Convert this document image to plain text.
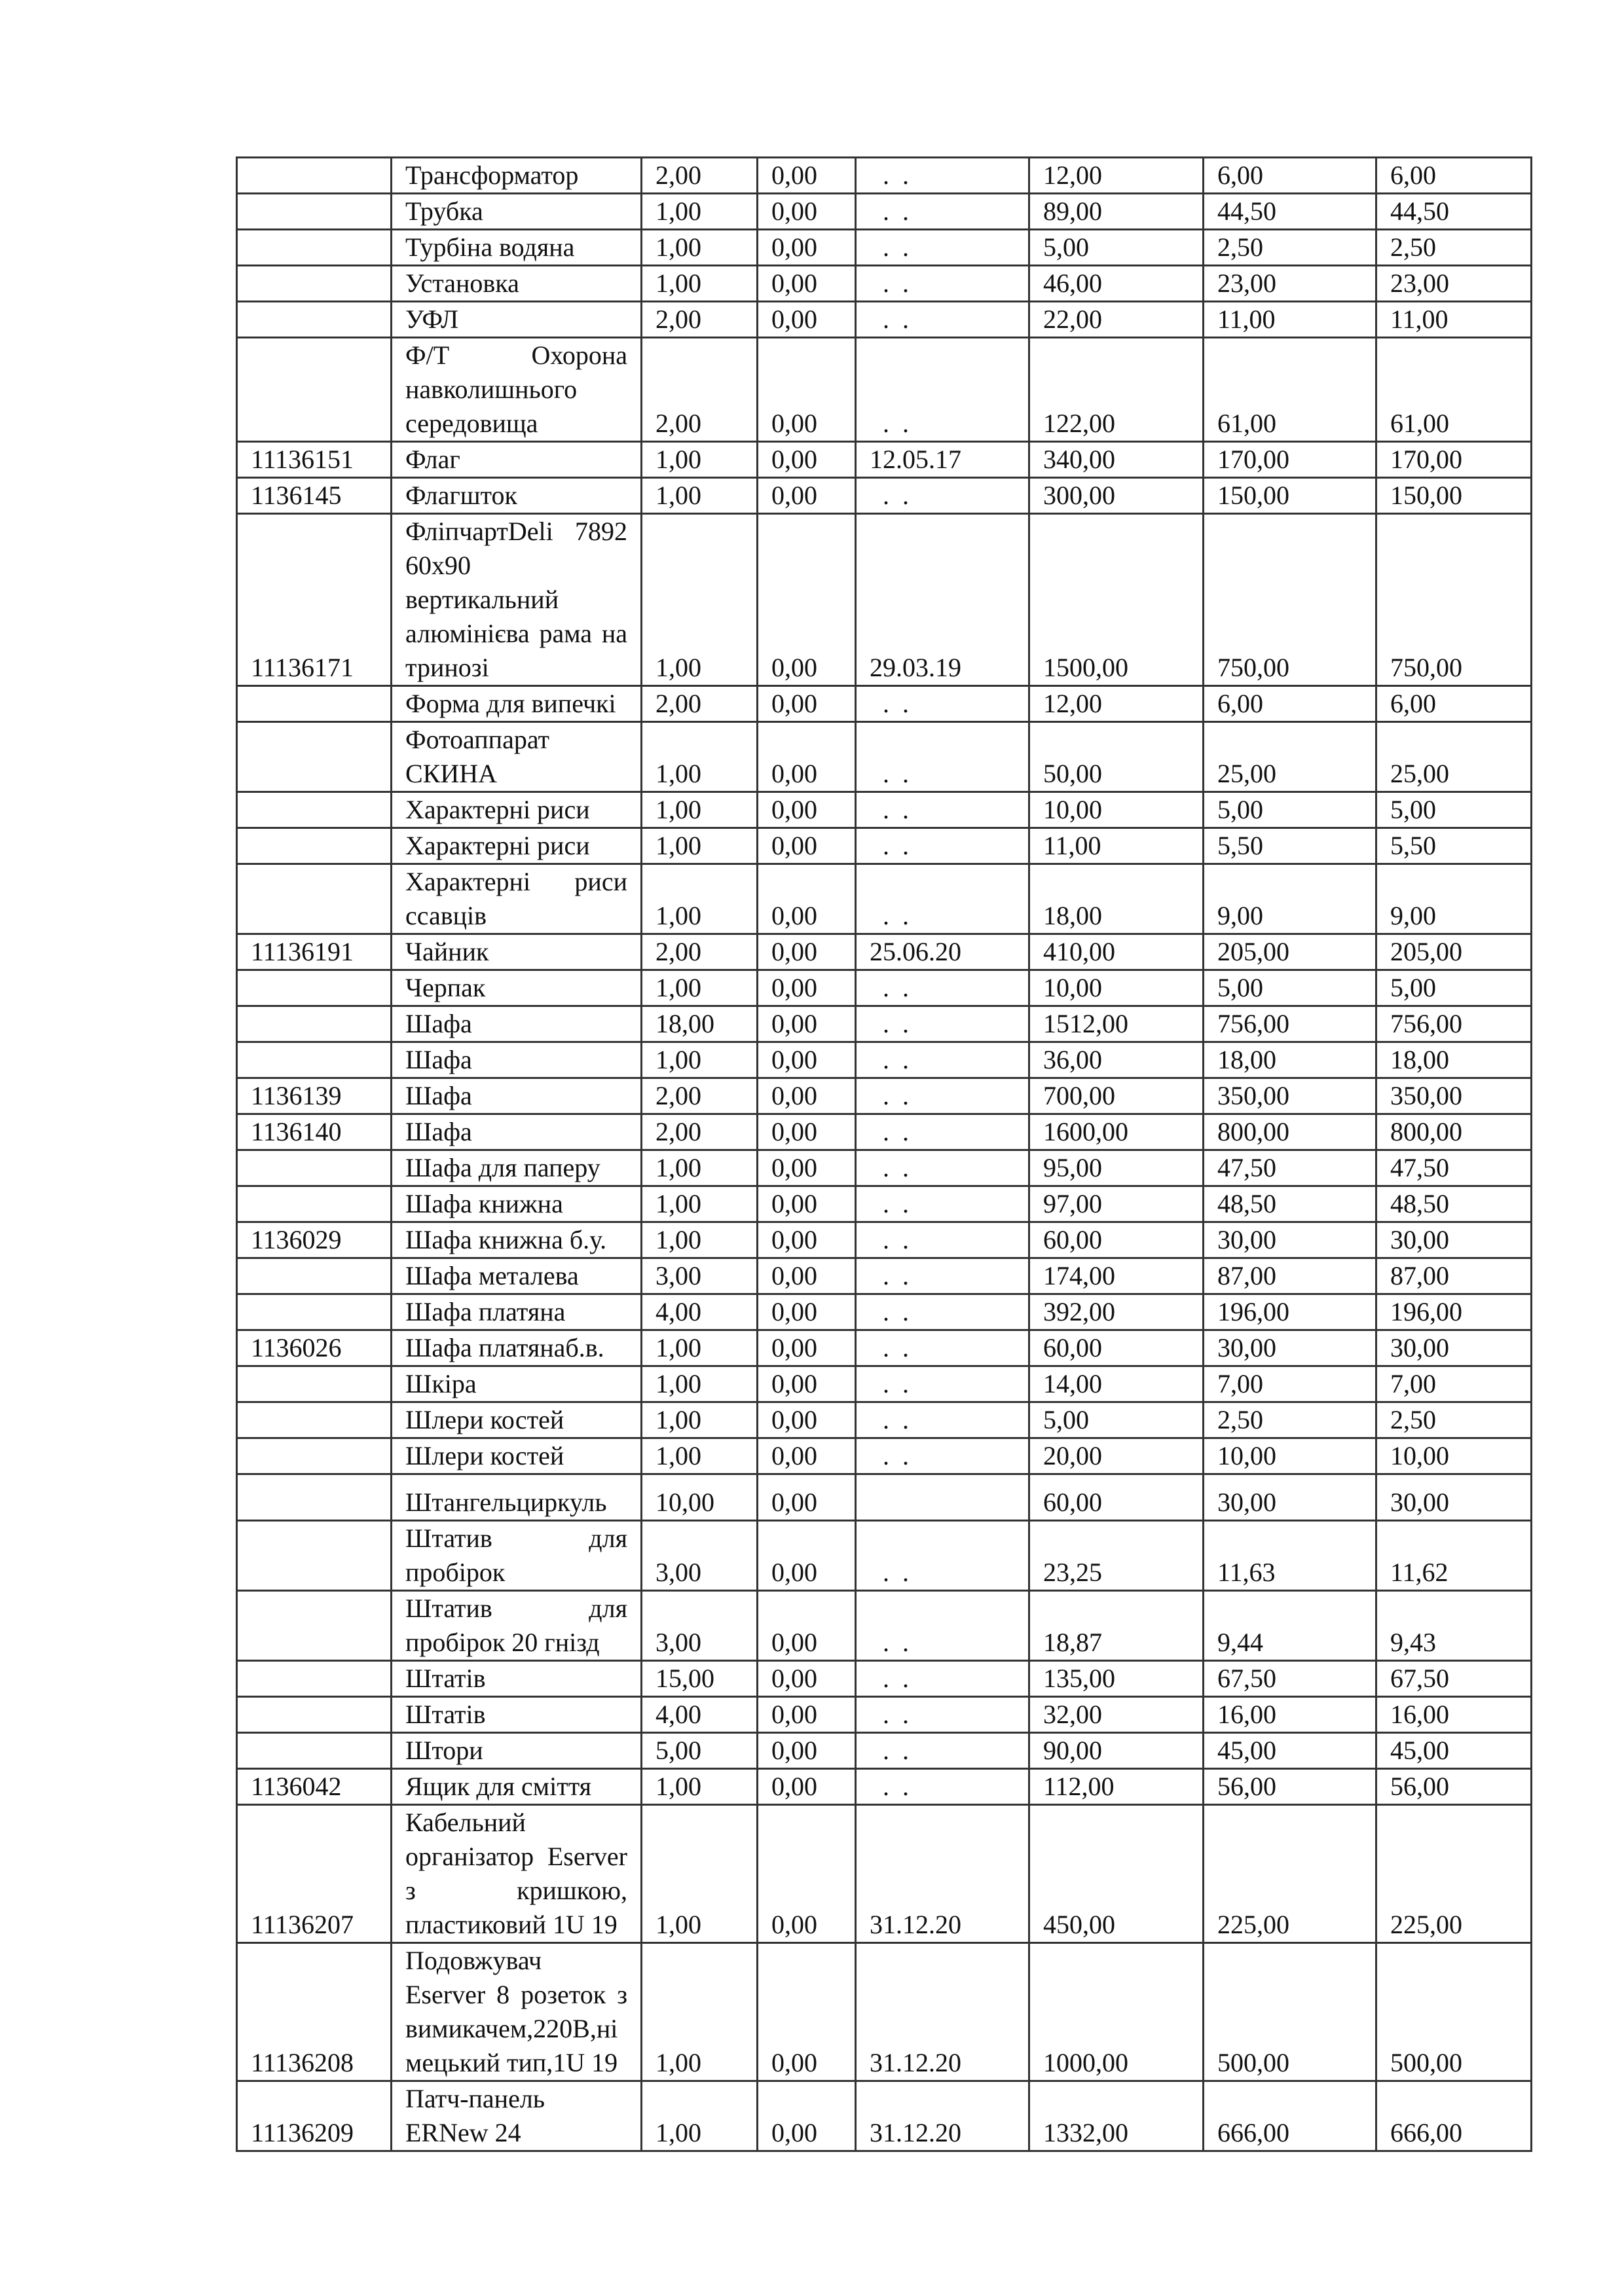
	Трансформатор	2,00	0,00	.  .	12,00	6,00	6,00
	Трубка	1,00	0,00	.  .	89,00	44,50	44,50
	Турбіна водяна	1,00	0,00	.  .	5,00	2,50	2,50
	Установка	1,00	0,00	.  .	46,00	23,00	23,00
	УФЛ	2,00	0,00	.  .	22,00	11,00	11,00
	Ф/Т Охорона навколишнього середовища	2,00	0,00	.  .	122,00	61,00	61,00
11136151	Флаг	1,00	0,00	12.05.17	340,00	170,00	170,00
1136145	Флагшток	1,00	0,00	.  .	300,00	150,00	150,00
11136171	ФліпчартDeli 7892 60x90 вертикальний алюмінієва рама на тринозі	1,00	0,00	29.03.19	1500,00	750,00	750,00
	Форма для випечкі	2,00	0,00	.  .	12,00	6,00	6,00
	Фотоаппарат СКИНА	1,00	0,00	.  .	50,00	25,00	25,00
	Характерні риси	1,00	0,00	.  .	10,00	5,00	5,00
	Характерні риси	1,00	0,00	.  .	11,00	5,50	5,50
	Характерні риси ссавців	1,00	0,00	.  .	18,00	9,00	9,00
11136191	Чайник	2,00	0,00	25.06.20	410,00	205,00	205,00
	Черпак	1,00	0,00	.  .	10,00	5,00	5,00
	Шафа	18,00	0,00	.  .	1512,00	756,00	756,00
	Шафа	1,00	0,00	.  .	36,00	18,00	18,00
1136139	Шафа	2,00	0,00	.  .	700,00	350,00	350,00
1136140	Шафа	2,00	0,00	.  .	1600,00	800,00	800,00
	Шафа для паперу	1,00	0,00	.  .	95,00	47,50	47,50
	Шафа книжна	1,00	0,00	.  .	97,00	48,50	48,50
1136029	Шафа книжна б.у.	1,00	0,00	.  .	60,00	30,00	30,00
	Шафа металева	3,00	0,00	.  .	174,00	87,00	87,00
	Шафа платяна	4,00	0,00	.  .	392,00	196,00	196,00
1136026	Шафа платянаб.в.	1,00	0,00	.  .	60,00	30,00	30,00
	Шкіра	1,00	0,00	.  .	14,00	7,00	7,00
	Шлери костей	1,00	0,00	.  .	5,00	2,50	2,50
	Шлери костей	1,00	0,00	.  .	20,00	10,00	10,00
	Штангельциркуль	10,00	0,00		60,00	30,00	30,00
	Штатив для пробірок	3,00	0,00	.  .	23,25	11,63	11,62
	Штатив для пробірок 20 гнізд	3,00	0,00	.  .	18,87	9,44	9,43
	Штатів	15,00	0,00	.  .	135,00	67,50	67,50
	Штатів	4,00	0,00	.  .	32,00	16,00	16,00
	Штори	5,00	0,00	.  .	90,00	45,00	45,00
1136042	Ящик для сміття	1,00	0,00	.  .	112,00	56,00	56,00
11136207	Кабельний організатор Eserver з кришкою, пластиковий 1U 19	1,00	0,00	31.12.20	450,00	225,00	225,00
11136208	Подовжувач Eserver 8 розеток з вимикачем,220В,ні мецький тип,1U 19	1,00	0,00	31.12.20	1000,00	500,00	500,00
11136209	Патч-панель ERNew 24	1,00	0,00	31.12.20	1332,00	666,00	666,00
